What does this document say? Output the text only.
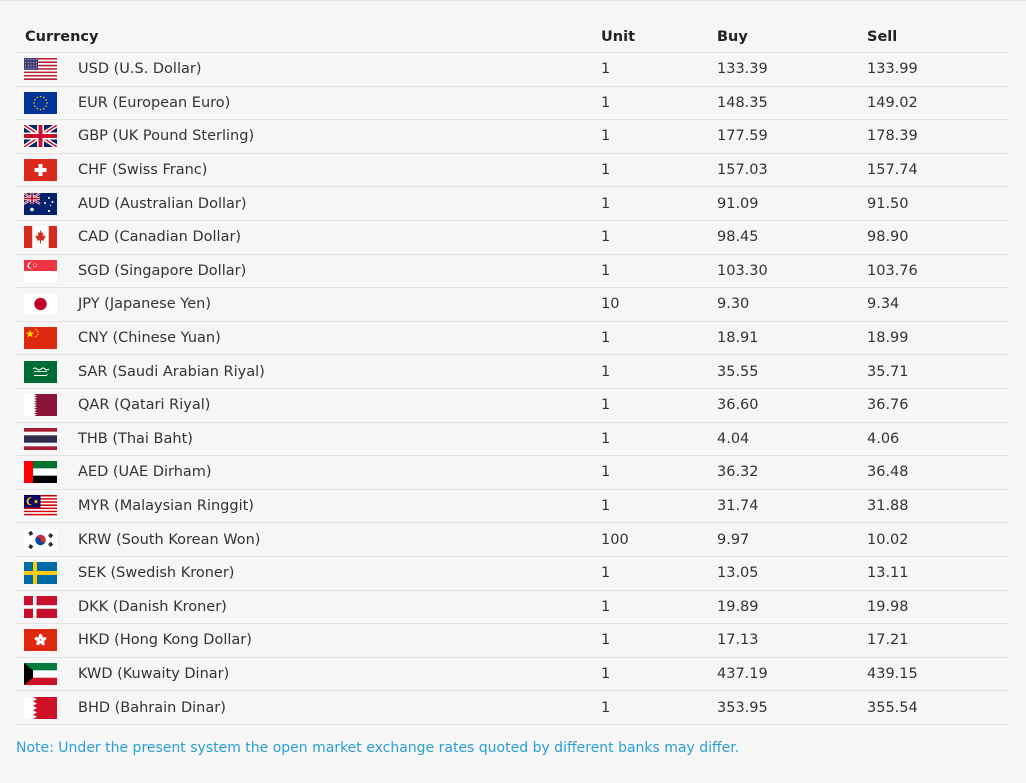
Currency	Unit	Buy	Sell
USD (U.S. Dollar)	1	133.39	133.99
EUR (European Euro)	1	148.35	149.02
GBP (UK Pound Sterling)	1	177.59	178.39
CHF (Swiss Franc)	1	157.03	157.74
AUD (Australian Dollar)	1	91.09	91.50
CAD (Canadian Dollar)	1	98.45	98.90
SGD (Singapore Dollar)	1	103.30	103.76
JPY (Japanese Yen)	10	9.30	9.34
CNY (Chinese Yuan)	1	18.91	18.99
SAR (Saudi Arabian Riyal)	1	35.55	35.71
QAR (Qatari Riyal)	1	36.60	36.76
THB (Thai Baht)	1	4.04	4.06
AED (UAE Dirham)	1	36.32	36.48
MYR (Malaysian Ringgit)	1	31.74	31.88
KRW (South Korean Won)	100	9.97	10.02
SEK (Swedish Kroner)	1	13.05	13.11
DKK (Danish Kroner)	1	19.89	19.98
HKD (Hong Kong Dollar)	1	17.13	17.21
KWD (Kuwaity Dinar)	1	437.19	439.15
BHD (Bahrain Dinar)	1	353.95	355.54
Note: Under the present system the open market exchange rates quoted by different banks may differ.
